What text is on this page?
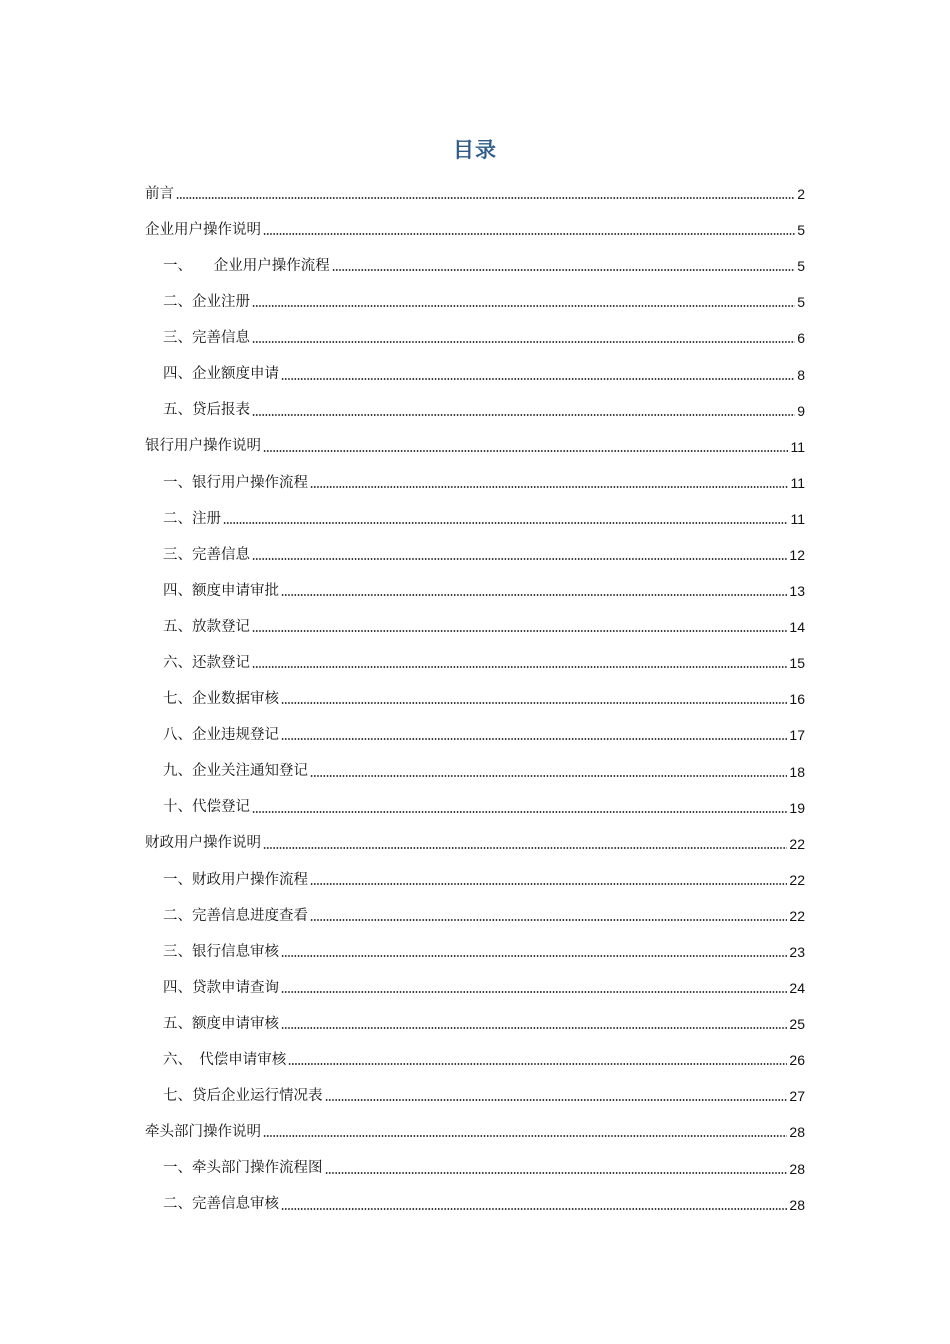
目录
前言	2
企业用户操作说明	5
一、　　企业用户操作流程	5
二、企业注册	5
三、完善信息	6
四、企业额度申请	8
五、贷后报表	9
银行用户操作说明	11
一、银行用户操作流程	11
二、注册	11
三、完善信息	12
四、额度申请审批	13
五、放款登记	14
六、还款登记	15
七、企业数据审核	16
八、企业违规登记	17
九、企业关注通知登记	18
十、代偿登记	19
财政用户操作说明	22
一、财政用户操作流程	22
二、完善信息进度查看	22
三、银行信息审核	23
四、贷款申请查询	24
五、额度申请审核	25
六、　代偿申请审核	26
七、贷后企业运行情况表	27
牵头部门操作说明	28
一、牵头部门操作流程图	28
二、完善信息审核	28
